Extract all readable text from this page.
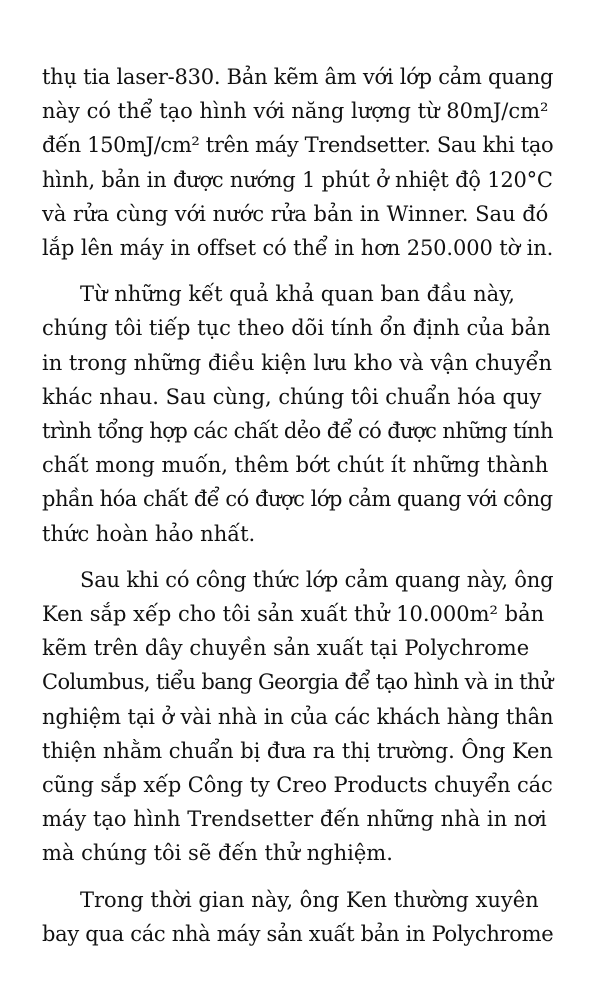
thụ tia laser-830. Bản kẽm âm với lớp cảm quang
này có thể tạo hình với năng lượng từ 80mJ/cm²
đến 150mJ/cm² trên máy Trendsetter. Sau khi tạo
hình, bản in được nướng 1 phút ở nhiệt độ 120°C
và rửa cùng với nước rửa bản in Winner. Sau đó
lắp lên máy in offset có thể in hơn 250.000 tờ in.

Từ những kết quả khả quan ban đầu này,
chúng tôi tiếp tục theo dõi tính ổn định của bản
in trong những điều kiện lưu kho và vận chuyển
khác nhau. Sau cùng, chúng tôi chuẩn hóa quy
trình tổng hợp các chất dẻo để có được những tính
chất mong muốn, thêm bớt chút ít những thành
phần hóa chất để có được lớp cảm quang với công
thức hoàn hảo nhất.

Sau khi có công thức lớp cảm quang này, ông
Ken sắp xếp cho tôi sản xuất thử 10.000m² bản
kẽm trên dây chuyền sản xuất tại Polychrome
Columbus, tiểu bang Georgia để tạo hình và in thử
nghiệm tại ở vài nhà in của các khách hàng thân
thiện nhằm chuẩn bị đưa ra thị trường. Ông Ken
cũng sắp xếp Công ty Creo Products chuyển các
máy tạo hình Trendsetter đến những nhà in nơi
mà chúng tôi sẽ đến thử nghiệm.

Trong thời gian này, ông Ken thường xuyên
bay qua các nhà máy sản xuất bản in Polychrome
